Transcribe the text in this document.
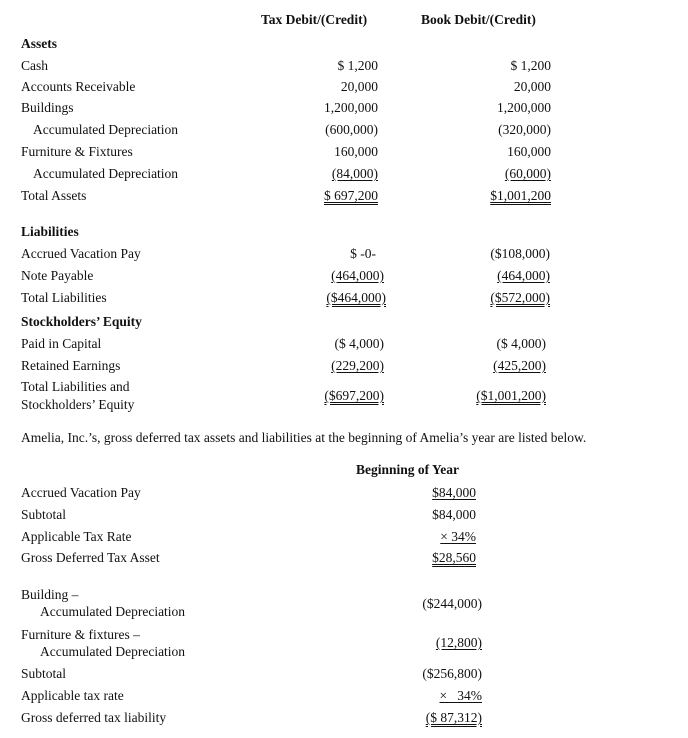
Tax Debit/(Credit)	Book Debit/(Credit)
Assets
Cash	$ 1,200	$ 1,200
Accounts Receivable	20,000	20,000
Buildings	1,200,000	1,200,000
Accumulated Depreciation	(600,000)	(320,000)
Furniture & Fixtures	160,000	160,000
Accumulated Depreciation	(84,000)	(60,000)
Total Assets	$ 697,200	$1,001,200
Liabilities
Accrued Vacation Pay	$ -0-	($108,000)
Note Payable	(464,000)	(464,000)
Total Liabilities	($464,000)	($572,000)
Stockholders’ Equity
Paid in Capital	($ 4,000)	($ 4,000)
Retained Earnings	(229,200)	(425,200)
Total Liabilities and
Stockholders’ Equity
($697,200)	($1,001,200)
Amelia, Inc.’s, gross deferred tax assets and liabilities at the beginning of Amelia’s year are listed below.
Beginning of Year
Accrued Vacation Pay	$84,000
Subtotal	$84,000
Applicable Tax Rate	× 34%
Gross Deferred Tax Asset	$28,560
Building –
Accumulated Depreciation
($244,000)
Furniture & fixtures –
Accumulated Depreciation
(12,800)
Subtotal	($256,800)
Applicable tax rate	×   34%
Gross deferred tax liability	($ 87,312)
